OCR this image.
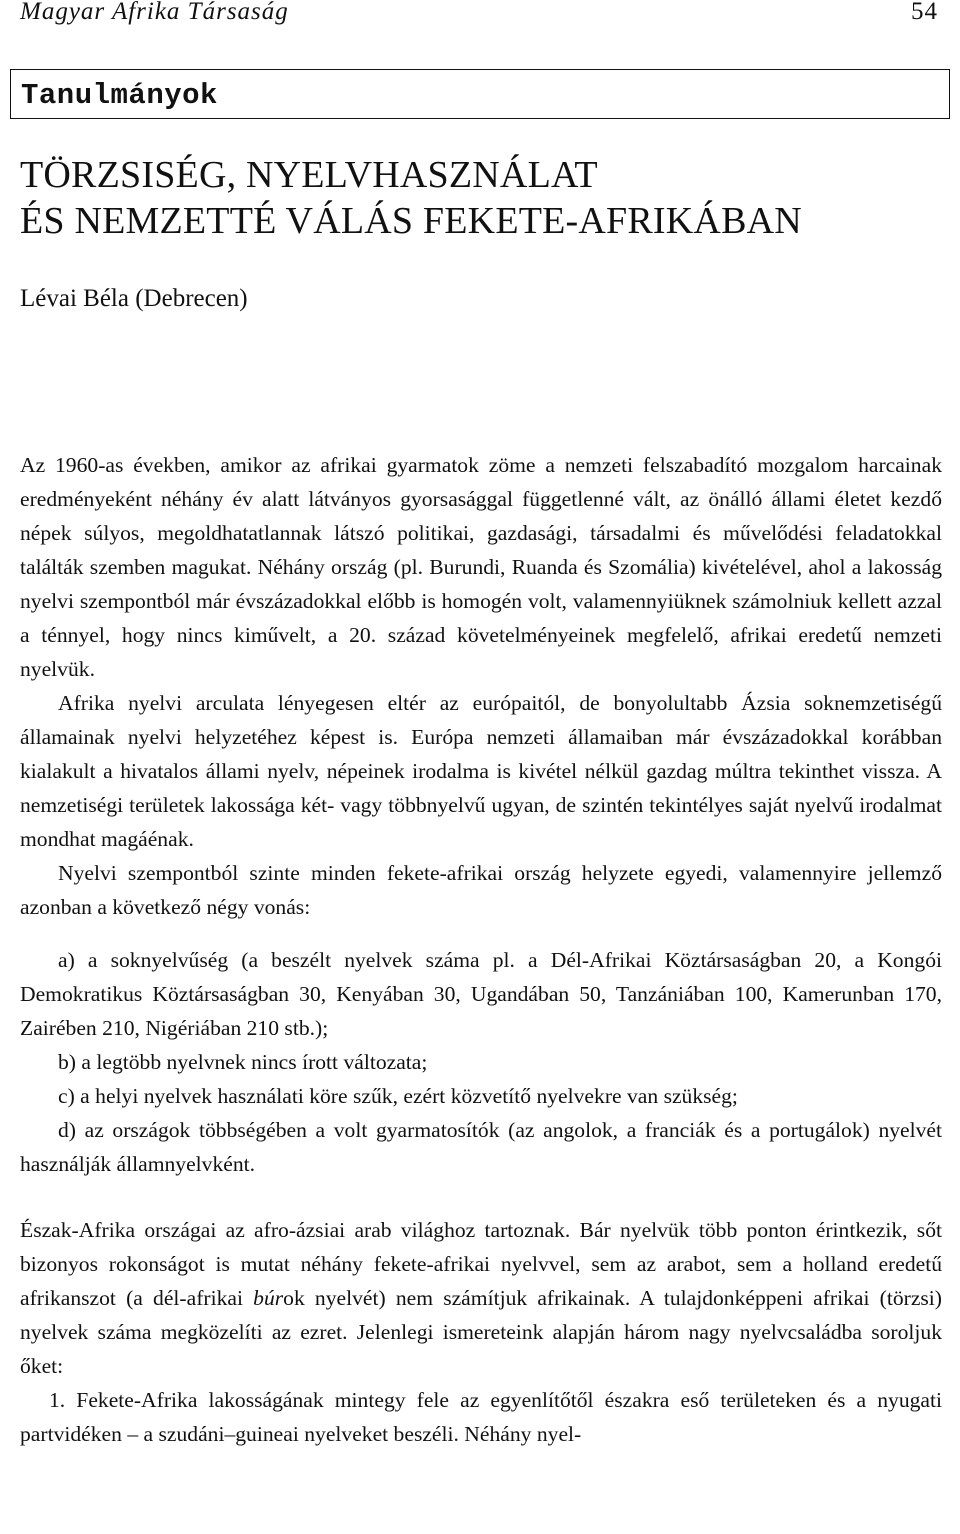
Magyar Afrika Társaság	54
Tanulmányok
TÖRZSISÉG, NYELVHASZNÁLAT
ÉS NEMZETTÉ VÁLÁS FEKETE-AFRIKÁBAN
Lévai Béla (Debrecen)

Az 1960-as években, amikor az afrikai gyarmatok zöme a nemzeti felszabadító mozgalom harcainak eredményeként néhány év alatt látványos gyorsasággal függetlenné vált, az önálló állami életet kezdő népek súlyos, megoldhatatlannak látszó politikai, gazdasági, társadalmi és művelődési feladatokkal találták szemben magukat. Néhány ország (pl. Burundi, Ruanda és Szomália) kivételével, ahol a lakosság nyelvi szempontból már évszázadokkal előbb is homogén volt, valamennyiüknek számolniuk kellett azzal a ténnyel, hogy nincs kiművelt, a 20. század követelményeinek megfelelő, afrikai eredetű nemzeti nyelvük.

Afrika nyelvi arculata lényegesen eltér az európaitól, de bonyolultabb Ázsia soknemzetiségű államainak nyelvi helyzetéhez képest is. Európa nemzeti államaiban már évszázadokkal korábban kialakult a hivatalos állami nyelv, népeinek irodalma is kivétel nélkül gazdag múltra tekinthet vissza. A nemzetiségi területek lakossága két- vagy többnyelvű ugyan, de szintén tekintélyes saját nyelvű irodalmat mondhat magáénak.

Nyelvi szempontból szinte minden fekete-afrikai ország helyzete egyedi, valamennyire jellemző azonban a következő négy vonás:

a) a soknyelvűség (a beszélt nyelvek száma pl. a Dél-Afrikai Köztársaságban 20, a Kongói Demokratikus Köztársaságban 30, Kenyában 30, Ugandában 50, Tanzániában 100, Kamerunban 170, Zairében 210, Nigériában 210 stb.);

b) a legtöbb nyelvnek nincs írott változata;

c) a helyi nyelvek használati köre szűk, ezért közvetítő nyelvekre van szükség;

d) az országok többségében a volt gyarmatosítók (az angolok, a franciák és a portugálok) nyelvét használják államnyelvként.

Észak-Afrika országai az afro-ázsiai arab világhoz tartoznak. Bár nyelvük több ponton érintkezik, sőt bizonyos rokonságot is mutat néhány fekete-afrikai nyelvvel, sem az arabot, sem a holland eredetű afrikanszot (a dél-afrikai búrok nyelvét) nem számítjuk afrikainak. A tulajdonképpeni afrikai (törzsi) nyelvek száma megközelíti az ezret. Jelenlegi ismereteink alapján három nagy nyelvcsaládba soroljuk őket:

1. Fekete-Afrika lakosságának mintegy fele az egyenlítőtől északra eső területeken és a nyugati partvidéken – a szudáni–guineai nyelveket beszéli. Néhány nyel-
